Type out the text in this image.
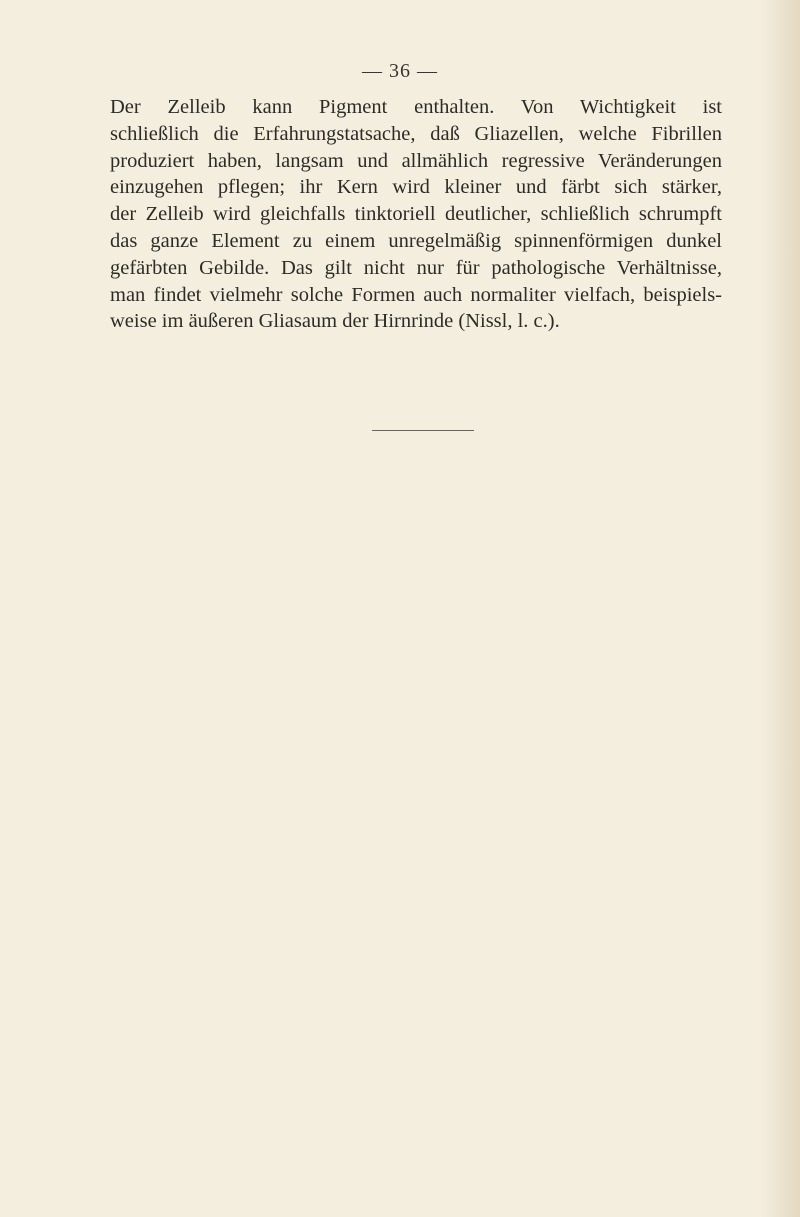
— 36 —
Der Zelleib kann Pigment enthalten. Von Wichtigkeit ist
schließlich die Erfahrungstatsache, daß Gliazellen, welche Fibrillen
produziert haben, langsam und allmählich regressive Veränderungen
einzugehen pflegen; ihr Kern wird kleiner und färbt sich stärker,
der Zelleib wird gleichfalls tinktoriell deutlicher, schließlich schrumpft
das ganze Element zu einem unregelmäßig spinnenförmigen dunkel
gefärbten Gebilde. Das gilt nicht nur für pathologische Verhältnisse,
man findet vielmehr solche Formen auch normaliter vielfach, beispiels-
weise im äußeren Gliasaum der Hirnrinde (Nissl, l. c.).
